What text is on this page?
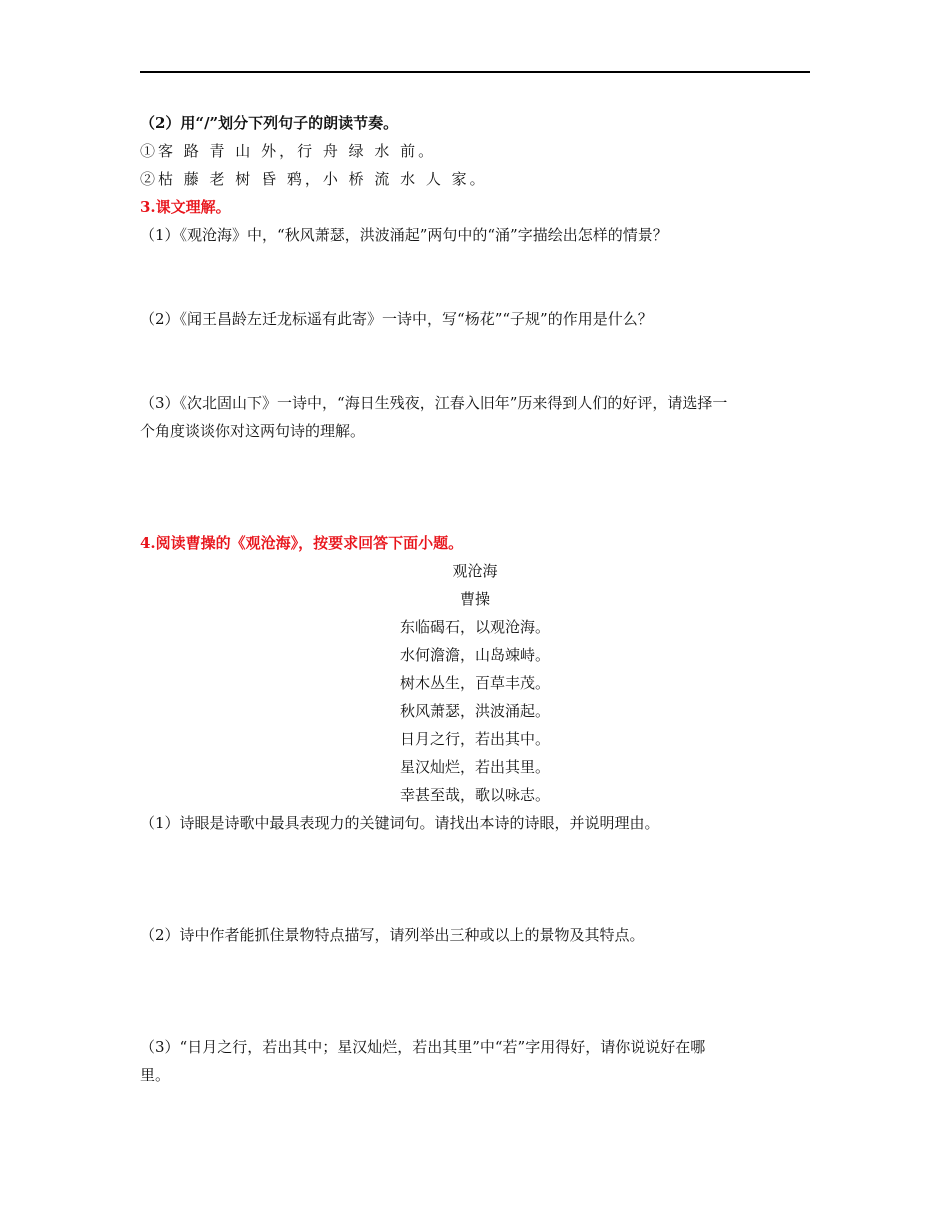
（2）用“/”划分下列句子的朗读节奏。
①客 路 青 山 外，行 舟 绿 水 前。
②枯 藤 老 树 昏 鸦，小 桥 流 水 人 家。
3.课文理解。
（1）《观沧海》中，“秋风萧瑟，洪波涌起”两句中的“涌”字描绘出怎样的情景？
（2）《闻王昌龄左迁龙标遥有此寄》一诗中，写“杨花”“子规”的作用是什么？
（3）《次北固山下》一诗中，“海日生残夜，江春入旧年”历来得到人们的好评，请选择一
个角度谈谈你对这两句诗的理解。
4.阅读曹操的《观沧海》，按要求回答下面小题。
观沧海
曹操
东临碣石，以观沧海。
水何澹澹，山岛竦峙。
树木丛生，百草丰茂。
秋风萧瑟，洪波涌起。
日月之行，若出其中。
星汉灿烂，若出其里。
幸甚至哉，歌以咏志。
（1）诗眼是诗歌中最具表现力的关键词句。请找出本诗的诗眼，并说明理由。
（2）诗中作者能抓住景物特点描写，请列举出三种或以上的景物及其特点。
（3）“日月之行，若出其中；星汉灿烂，若出其里”中“若”字用得好，请你说说好在哪
里。
